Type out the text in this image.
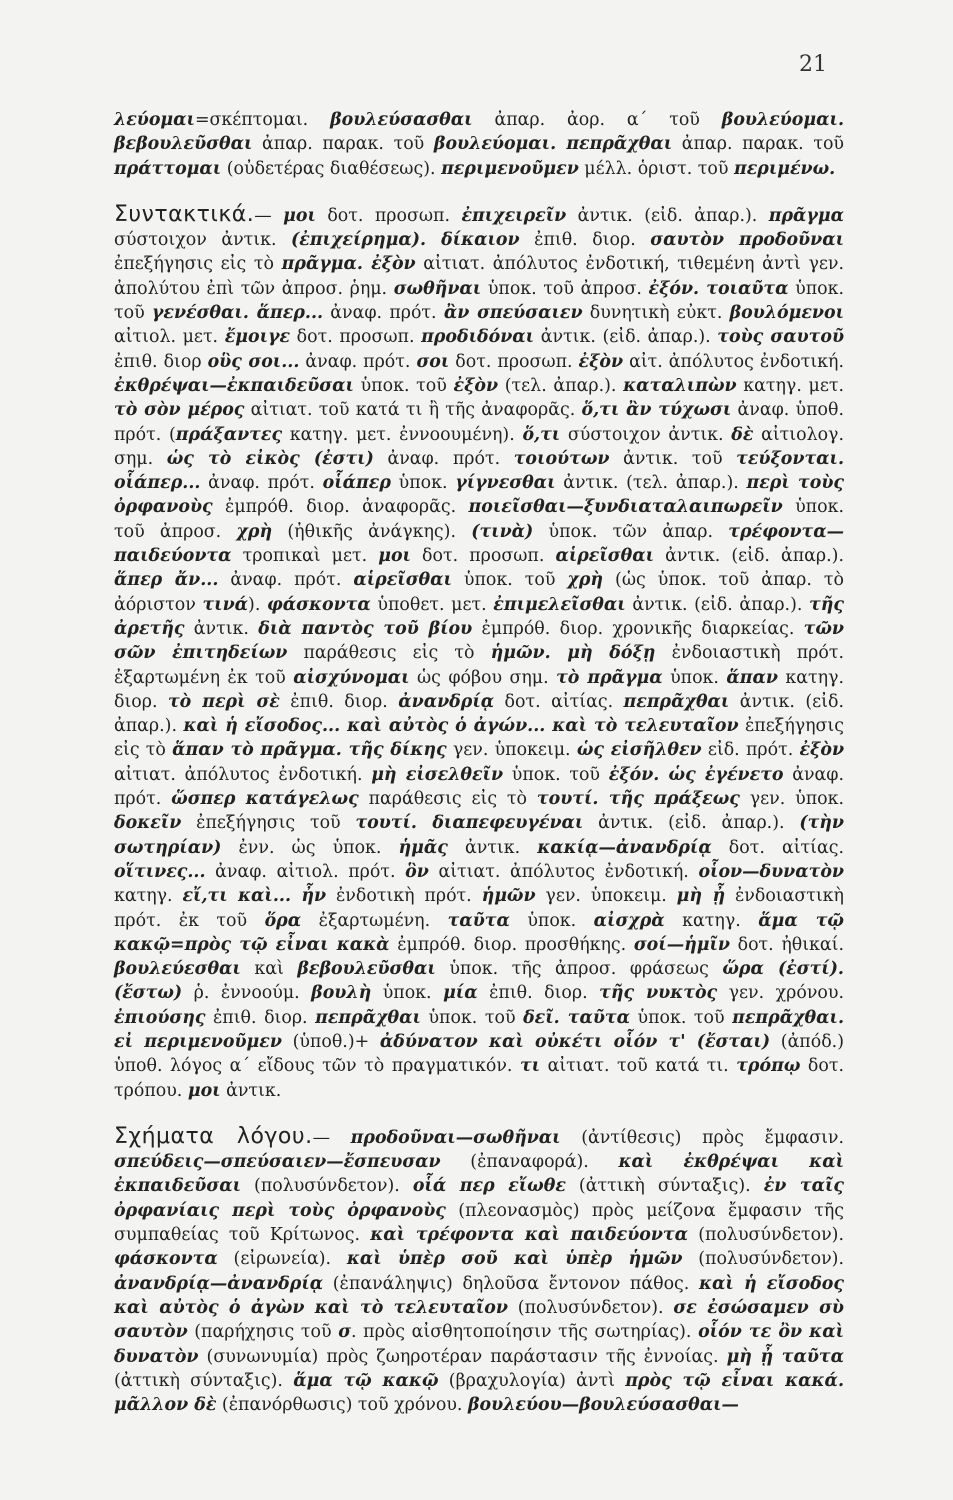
21

λεύομαι=σκέπτομαι. βουλεύσασθαι ἀπαρ. ἀορ. α΄ τοῦ βουλεύομαι. βεβουλεῦσθαι ἀπαρ. παρακ. τοῦ βουλεύομαι. πεπρᾶχθαι ἀπαρ. παρακ. τοῦ πράττομαι (οὐδετέρας διαθέσεως). περιμενοῦμεν μέλλ. ὁριστ. τοῦ περιμένω.

Συντακτικά.— μοι δοτ. προσωπ. ἐπιχειρεῖν ἀντικ. (εἰδ. ἀπαρ.). πρᾶγμα σύστοιχον ἀντικ. (ἐπιχείρημα). δίκαιον ἐπιθ. διορ. σαυτὸν προδοῦναι ἐπεξήγησις εἰς τὸ πρᾶγμα. ἐξὸν αἰτιατ. ἀπόλυτος ἐνδοτική, τιθεμένη ἀντὶ γεν. ἀπολύτου ἐπὶ τῶν ἀπροσ. ῥημ. σωθῆναι ὑποκ. τοῦ ἀπροσ. ἐξόν. τοιαῦτα ὑποκ. τοῦ γενέσθαι. ἅπερ... ἀναφ. πρότ. ἂν σπεύσαιεν δυνητικὴ εὐκτ. βουλόμενοι αἰτιολ. μετ. ἔμοιγε δοτ. προσωπ. προδιδόναι ἀντικ. (εἰδ. ἀπαρ.). τοὺς σαυτοῦ ἐπιθ. διορ οὓς σοι... ἀναφ. πρότ. σοι δοτ. προσωπ. ἐξὸν αἰτ. ἀπόλυτος ἐνδοτική. ἐκθρέψαι—ἐκπαιδεῦσαι ὑποκ. τοῦ ἐξὸν (τελ. ἀπαρ.). καταλιπὼν κατηγ. μετ. τὸ σὸν μέρος αἰτιατ. τοῦ κατά τι ἢ τῆς ἀναφορᾶς. ὅ,τι ἂν τύχωσι ἀναφ. ὑποθ. πρότ. (πράξαντες κατηγ. μετ. ἐννοουμένη). ὅ,τι σύστοιχον ἀντικ. δὲ αἰτιολογ. σημ. ὡς τὸ εἰκὸς (ἐστι) ἀναφ. πρότ. τοιούτων ἀντικ. τοῦ τεύξονται. οἷάπερ... ἀναφ. πρότ. οἷάπερ ὑποκ. γίγνεσθαι ἀντικ. (τελ. ἀπαρ.). περὶ τοὺς ὀρφανοὺς ἐμπρόθ. διορ. ἀναφορᾶς. ποιεῖσθαι—ξυνδιαταλαιπωρεῖν ὑποκ. τοῦ ἀπροσ. χρὴ (ἠθικῆς ἀνάγκης). (τινὰ) ὑποκ. τῶν ἀπαρ. τρέφοντα—παιδεύοντα τροπικαὶ μετ. μοι δοτ. προσωπ. αἱρεῖσθαι ἀντικ. (εἰδ. ἀπαρ.). ἅπερ ἄν... ἀναφ. πρότ. αἱρεῖσθαι ὑποκ. τοῦ χρὴ (ὡς ὑποκ. τοῦ ἀπαρ. τὸ ἀόριστον τινά). φάσκοντα ὑποθετ. μετ. ἐπιμελεῖσθαι ἀντικ. (εἰδ. ἀπαρ.). τῆς ἀρετῆς ἀντικ. διὰ παντὸς τοῦ βίου ἐμπρόθ. διορ. χρονικῆς διαρκείας. τῶν σῶν ἐπιτηδείων παράθεσις εἰς τὸ ἡμῶν. μὴ δόξῃ ἐνδοιαστικὴ πρότ. ἐξαρτωμένη ἐκ τοῦ αἰσχύνομαι ὡς φόβου σημ. τὸ πρᾶγμα ὑποκ. ἅπαν κατηγ. διορ. τὸ περὶ σὲ ἐπιθ. διορ. ἀνανδρίᾳ δοτ. αἰτίας. πεπρᾶχθαι ἀντικ. (εἰδ. ἀπαρ.). καὶ ἡ εἴσοδος... καὶ αὐτὸς ὁ ἀγών... καὶ τὸ τελευταῖον ἐπεξήγησις εἰς τὸ ἅπαν τὸ πρᾶγμα. τῆς δίκης γεν. ὑποκειμ. ὡς εἰσῆλθεν εἰδ. πρότ. ἐξὸν αἰτιατ. ἀπόλυτος ἐνδοτική. μὴ εἰσελθεῖν ὑποκ. τοῦ ἐξόν. ὡς ἐγένετο ἀναφ. πρότ. ὥσπερ κατάγελως παράθεσις εἰς τὸ τουτί. τῆς πράξεως γεν. ὑποκ. δοκεῖν ἐπεξήγησις τοῦ τουτί. διαπεφευγέναι ἀντικ. (εἰδ. ἀπαρ.). (τὴν σωτηρίαν) ἐνν. ὡς ὑποκ. ἡμᾶς ἀντικ. κακίᾳ—ἀνανδρίᾳ δοτ. αἰτίας. οἵτινες... ἀναφ. αἰτιολ. πρότ. ὃν αἰτιατ. ἀπόλυτος ἐνδοτική. οἷον—δυνατὸν κατηγ. εἴ,τι καὶ... ἦν ἐνδοτικὴ πρότ. ἡμῶν γεν. ὑποκειμ. μὴ ᾖ ἐνδοιαστικὴ πρότ. ἐκ τοῦ ὅρα ἐξαρτωμένη. ταῦτα ὑποκ. αἰσχρὰ κατηγ. ἅμα τῷ κακῷ=πρὸς τῷ εἶναι κακὰ ἐμπρόθ. διορ. προσθήκης. σοί—ἡμῖν δοτ. ἠθικαί. βουλεύεσθαι καὶ βεβουλεῦσθαι ὑποκ. τῆς ἀπροσ. φράσεως ὥρα (ἐστί). (ἔστω) ῥ. ἐννοούμ. βουλὴ ὑποκ. μία ἐπιθ. διορ. τῆς νυκτὸς γεν. χρόνου. ἐπιούσης ἐπιθ. διορ. πεπρᾶχθαι ὑποκ. τοῦ δεῖ. ταῦτα ὑποκ. τοῦ πεπρᾶχθαι. εἰ περιμενοῦμεν (ὑποθ.)+ ἀδύνατον καὶ οὐκέτι οἷόν τ' (ἔσται) (ἀπόδ.) ὑποθ. λόγος α΄ εἴδους τῶν τὸ πραγματικόν. τι αἰτιατ. τοῦ κατά τι. τρόπῳ δοτ. τρόπου. μοι ἀντικ.

Σχήματα λόγου.— προδοῦναι—σωθῆναι (ἀντίθεσις) πρὸς ἔμφασιν. σπεύδεις—σπεύσαιεν—ἔσπευσαν (ἐπαναφορά). καὶ ἐκθρέψαι καὶ ἐκπαιδεῦσαι (πολυσύνδετον). οἷά περ εἴωθε (ἀττικὴ σύνταξις). ἐν ταῖς ὀρφανίαις περὶ τοὺς ὀρφανοὺς (πλεονασμὸς) πρὸς μείζονα ἔμφασιν τῆς συμπαθείας τοῦ Κρίτωνος. καὶ τρέφοντα καὶ παιδεύοντα (πολυσύνδετον). φάσκοντα (εἰρωνεία). καὶ ὑπὲρ σοῦ καὶ ὑπὲρ ἡμῶν (πολυσύνδετον). ἀνανδρίᾳ—ἀνανδρίᾳ (ἐπανάληψις) δηλοῦσα ἔντονον πάθος. καὶ ἡ εἴσοδος καὶ αὐτὸς ὁ ἀγὼν καὶ τὸ τελευταῖον (πολυσύνδετον). σε ἐσώσαμεν σὺ σαυτὸν (παρήχησις τοῦ σ. πρὸς αἰσθητοποίησιν τῆς σωτηρίας). οἷόν τε ὂν καὶ δυνατὸν (συνωνυμία) πρὸς ζωηροτέραν παράστασιν τῆς ἐννοίας. μὴ ᾖ ταῦτα (ἀττικὴ σύνταξις). ἅμα τῷ κακῷ (βραχυλογία) ἀντὶ πρὸς τῷ εἶναι κακά. μᾶλλον δὲ (ἐπανόρθωσις) τοῦ χρόνου. βουλεύου—βουλεύσασθαι—
